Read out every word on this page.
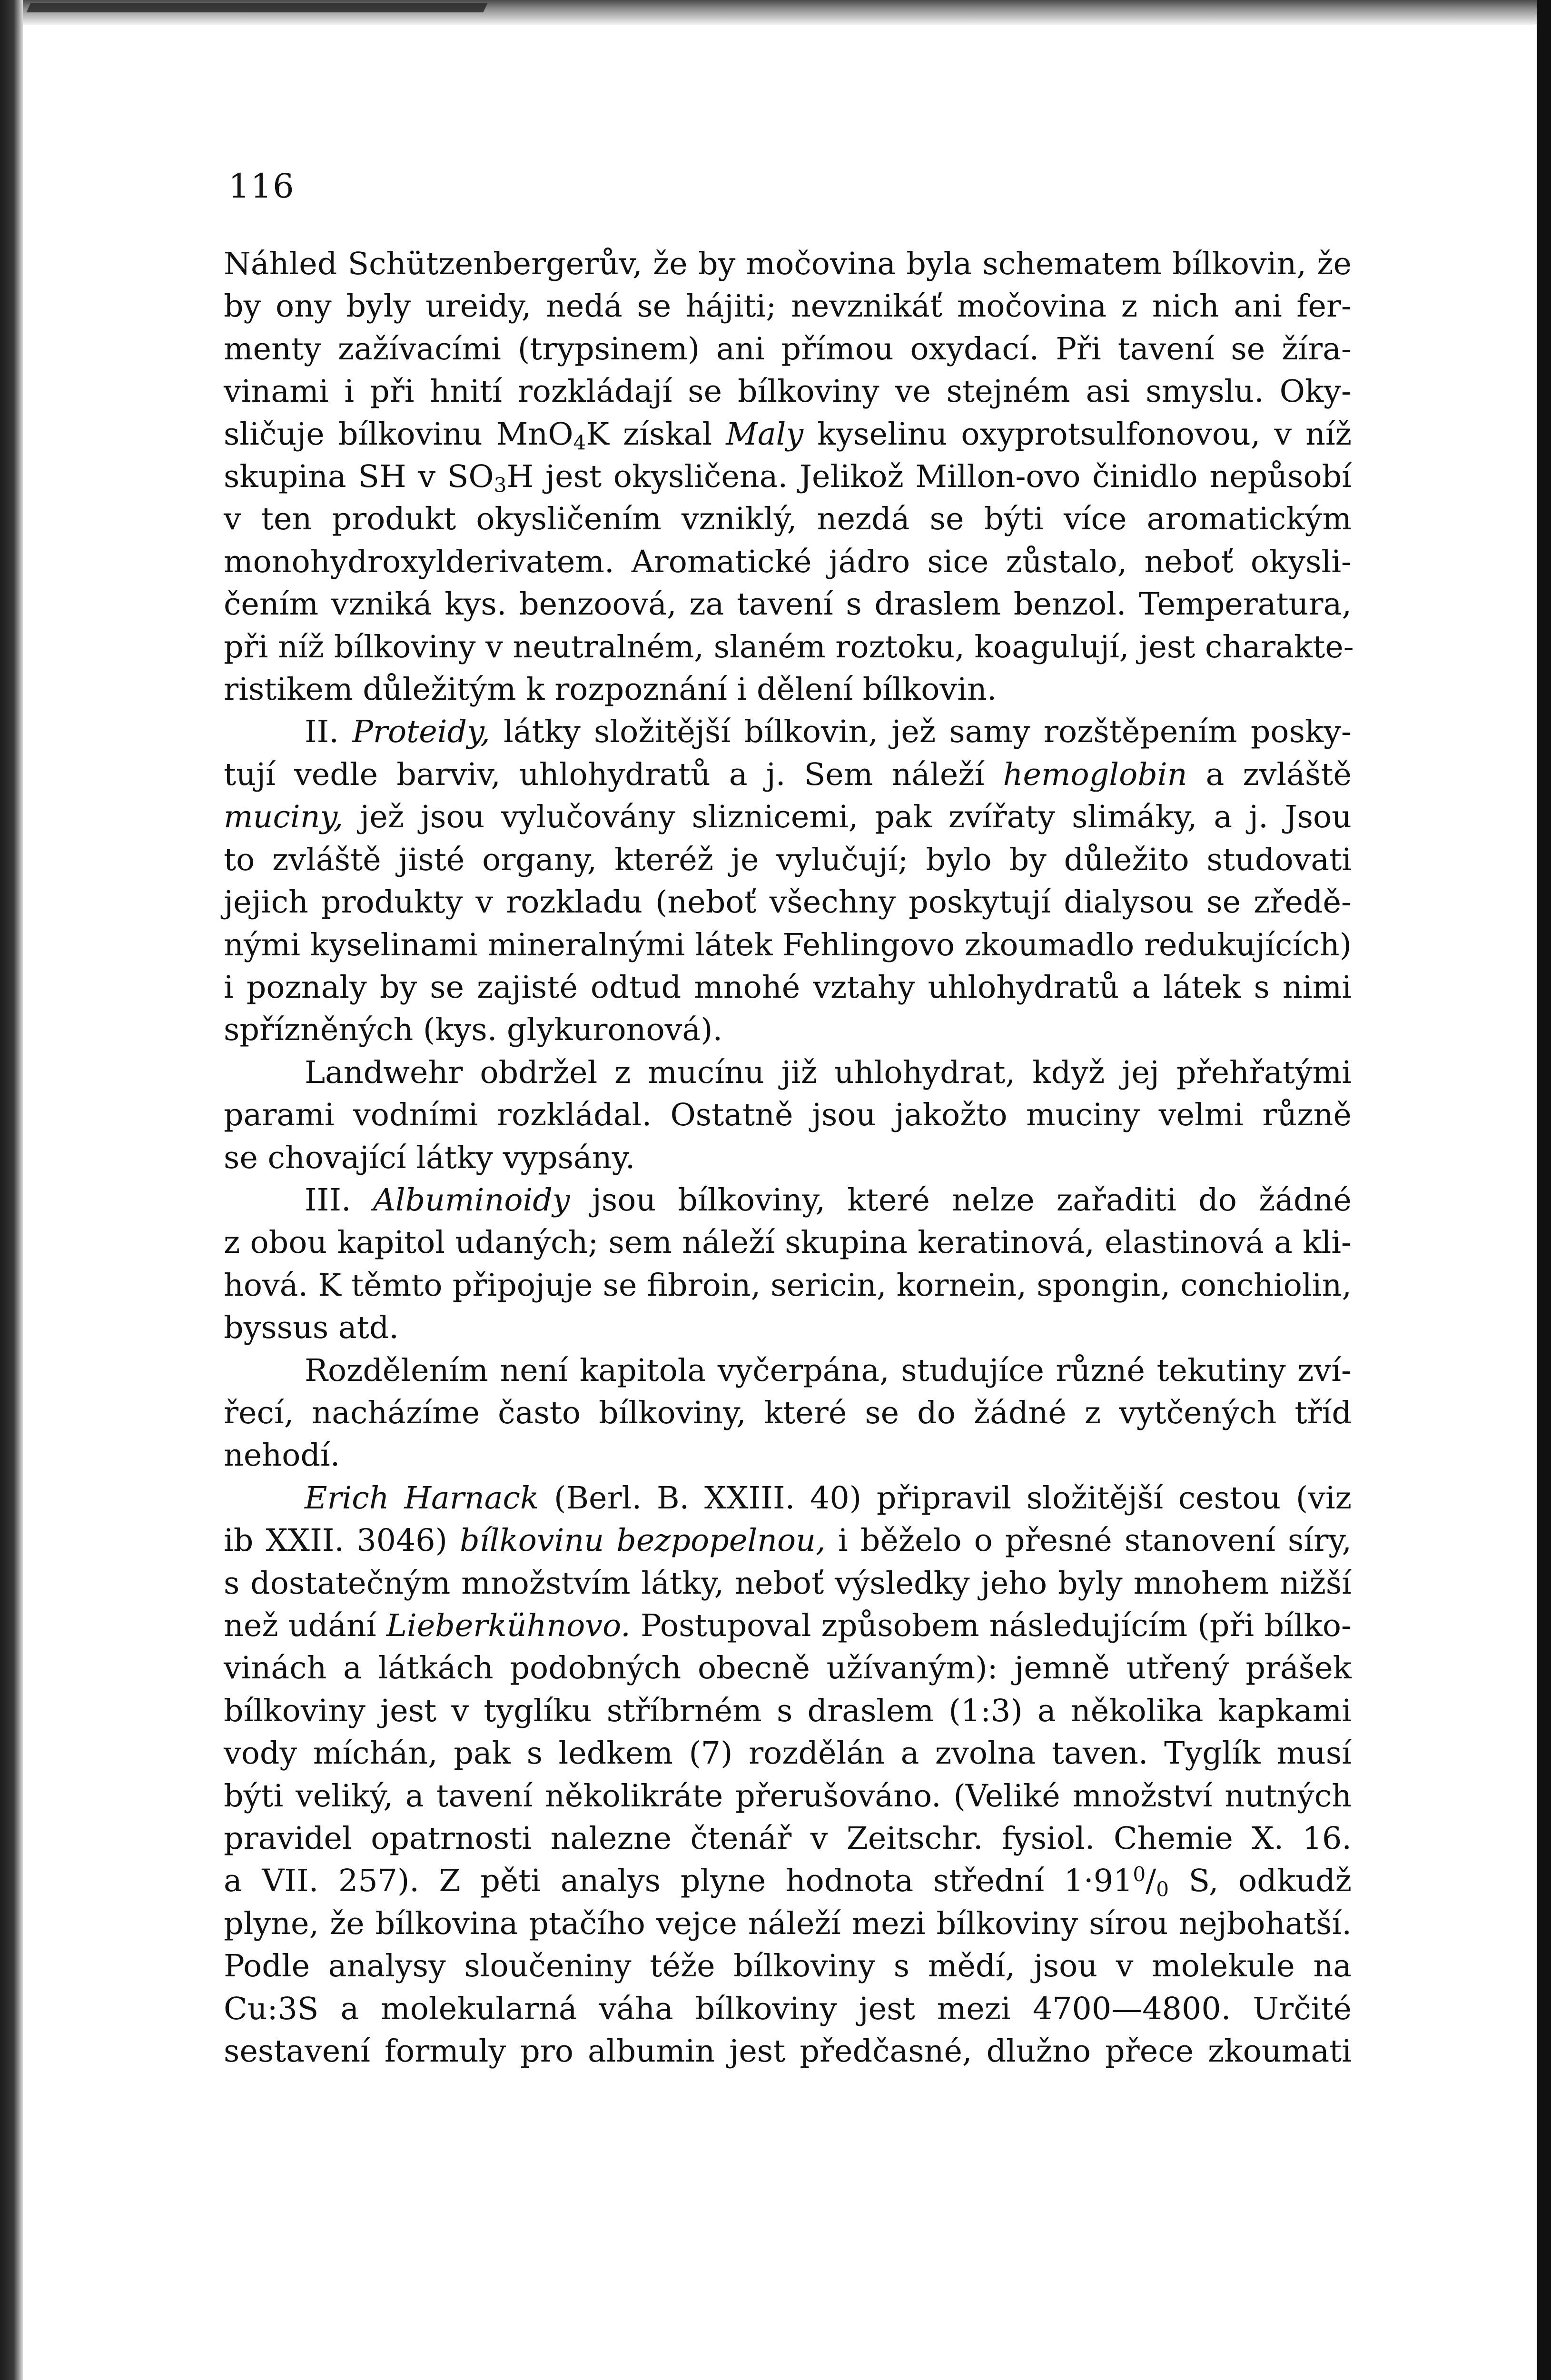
116
Náhled Schützenbergerův, že by močovina byla schematem bílkovin, že
by ony byly ureidy, nedá se hájiti; nevznikáť močovina z nich ani fer-
menty zažívacími (trypsinem) ani přímou oxydací. Při tavení se žíra-
vinami i při hnití rozkládají se bílkoviny ve stejném asi smyslu. Oky-
sličuje bílkovinu MnO$_4$K získal Maly kyselinu oxyprotsulfonovou, v níž
skupina SH v $SO_3H$ jest okysličena. Jelikož Millon-ovo činidlo nepůsobí
v ten produkt okysličením vzniklý, nezdá se býti více aromatickým
monohydroxylderivatem. Aromatické jádro sice zůstalo, neboť okysli-
čením vzniká kys. benzoová, za tavení s draslem benzol. Temperatura,
při níž bílkoviny v neutralném, slaném roztoku, koagulují, jest charakte-
ristikem důležitým k rozpoznání i dělení bílkovin.
II. Proteidy, látky složitější bílkovin, jež samy rozštěpením posky-
tují vedle barviv, uhlohydratů a j. Sem náleží hemoglobin a zvláště
muciny, jež jsou vylučovány sliznicemi, pak zvířaty slimáky, a j. Jsou
to zvláště jisté organy, kteréž je vylučují; bylo by důležito studovati
jejich produkty v rozkladu (neboť všechny poskytují dialysou se zředě-
nými kyselinami mineralnými látek Fehlingovo zkoumadlo redukujících)
i poznaly by se zajisté odtud mnohé vztahy uhlohydratů a látek s nimi
spřízněných (kys. glykuronová).
Landwehr obdržel z mucínu již uhlohydrat, když jej přehřatými
parami vodními rozkládal. Ostatně jsou jakožto muciny velmi různě
se chovající látky vypsány.
III. Albuminoidy jsou bílkoviny, které nelze zařaditi do žádné
z obou kapitol udaných; sem náleží skupina keratinová, elastinová a kli-
hová. K těmto připojuje se fibroin, sericin, kornein, spongin, conchiolin,
byssus atd.
Rozdělením není kapitola vyčerpána, studujíce různé tekutiny zví-
řecí, nacházíme často bílkoviny, které se do žádné z vytčených tříd
nehodí.
Erich Harnack (Berl. B. XXIII. 40) připravil složitější cestou (viz
ib XXII. 3046) bílkovinu bezpopelnou, i běželo o přesné stanovení síry,
s dostatečným množstvím látky, neboť výsledky jeho byly mnohem nižší
než udání Lieberkühnovo. Postupoval způsobem následujícím (při bílko-
vinách a látkách podobných obecně užívaným): jemně utřený prášek
bílkoviny jest v tyglíku stříbrném s draslem (1:3) a několika kapkami
vody míchán, pak s ledkem (7) rozdělán a zvolna taven. Tyglík musí
býti veliký, a tavení několikráte přerušováno. (Veliké množství nutných
pravidel opatrnosti nalezne čtenář v Zeitschr. fysiol. Chemie X. 16.
a VII. 257). Z pěti analys plyne hodnota střední $1\cdot 91^0/_0$ S, odkudž
plyne, že bílkovina ptačího vejce náleží mezi bílkoviny sírou nejbohatší.
Podle analysy sloučeniny téže bílkoviny s mědí, jsou v molekule na
Cu:3S a molekularná váha bílkoviny jest mezi 4700—4800. Určité
sestavení formuly pro albumin jest předčasné, dlužno přece zkoumati
